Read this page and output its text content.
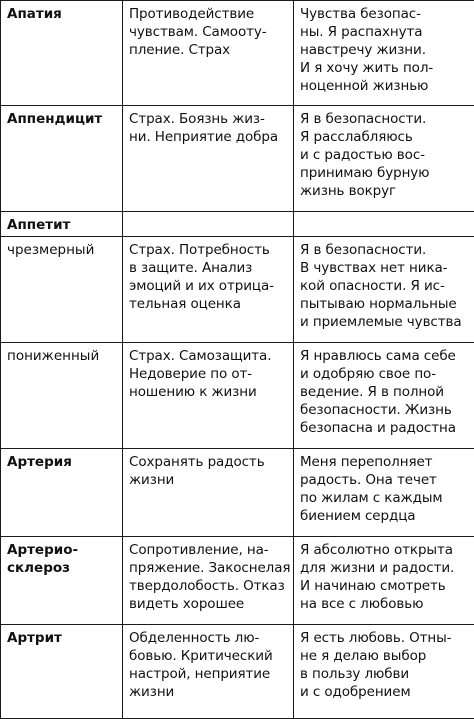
Апатия	Противодействие
чувствам. Самооту-
пление. Страх	Чувства безопас-
ны. Я распахнута
навстречу жизни.
И я хочу жить пол-
ноценной жизнью

Аппендицит	Страх. Боязнь жиз-
ни. Неприятие добра	Я в безопасности.
Я расслабляюсь
и с радостью вос-
принимаю бурную
жизнь вокруг

Аппетит		

чрезмерный	Страх. Потребность
в защите. Анализ
эмоций и их отрица-
тельная оценка	Я в безопасности.
В чувствах нет ника-
кой опасности. Я ис-
пытываю нормальные
и приемлемые чувства

пониженный	Страх. Самозащита.
Недоверие по от-
ношению к жизни	Я нравлюсь сама себе
и одобряю свое по-
ведение. Я в полной
безопасности. Жизнь
безопасна и радостна

Артерия	Сохранять радость
жизни	Меня переполняет
радость. Она течет
по жилам с каждым
биением сердца

Артерио-
склероз	Сопротивление, на-
пряжение. Закоснелая
твердолобость. Отказ
видеть хорошее	Я абсолютно открыта
для жизни и радости.
И начинаю смотреть
на все с любовью

Артрит	Обделенность лю-
бовью. Критический
настрой, неприятие
жизни	Я есть любовь. Отны-
не я делаю выбор
в пользу любви
и с одобрением
